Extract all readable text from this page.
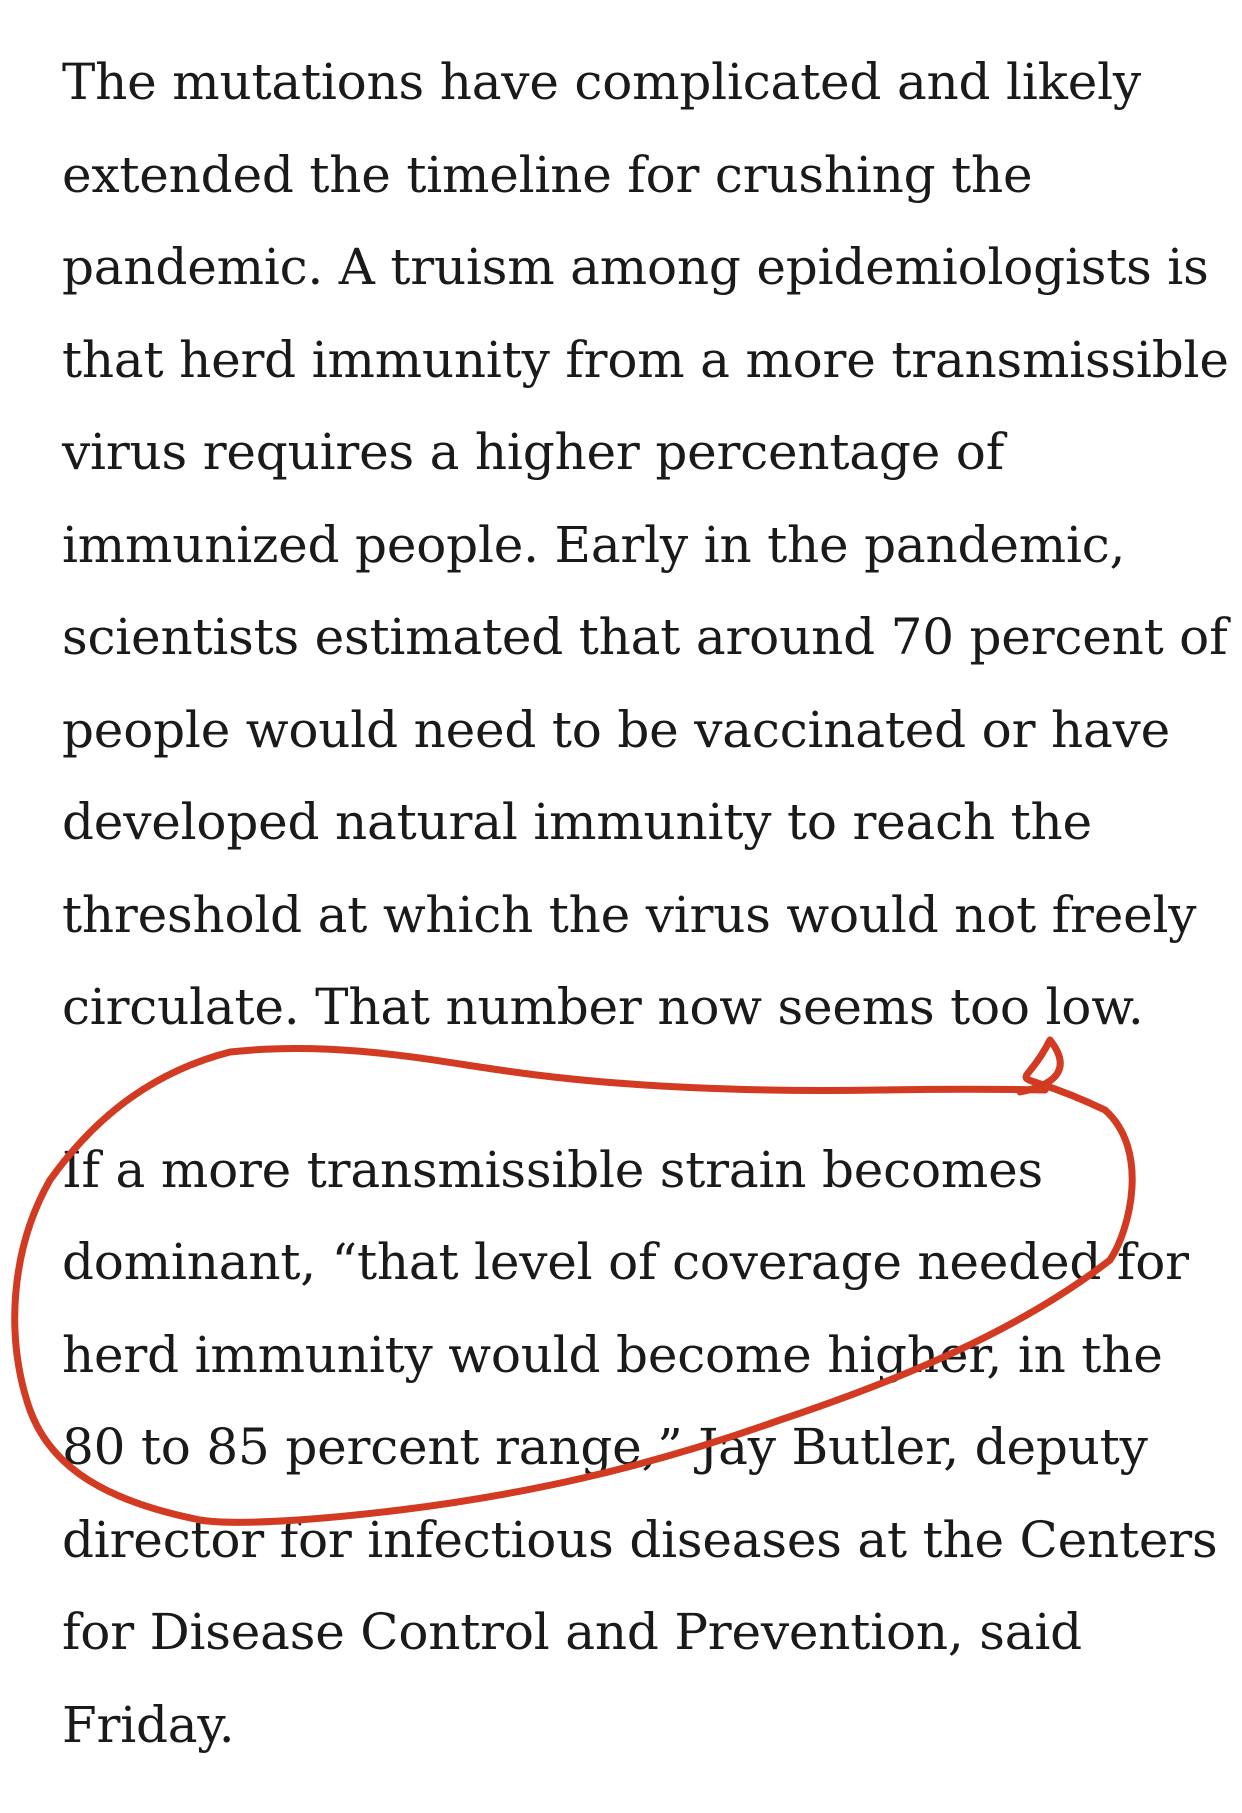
The mutations have complicated and likely
extended the timeline for crushing the
pandemic. A truism among epidemiologists is
that herd immunity from a more transmissible
virus requires a higher percentage of
immunized people. Early in the pandemic,
scientists estimated that around 70 percent of
people would need to be vaccinated or have
developed natural immunity to reach the
threshold at which the virus would not freely
circulate. That number now seems too low.

If a more transmissible strain becomes
dominant, “that level of coverage needed for
herd immunity would become higher, in the
80 to 85 percent range,” Jay Butler, deputy
director for infectious diseases at the Centers
for Disease Control and Prevention, said
Friday.
